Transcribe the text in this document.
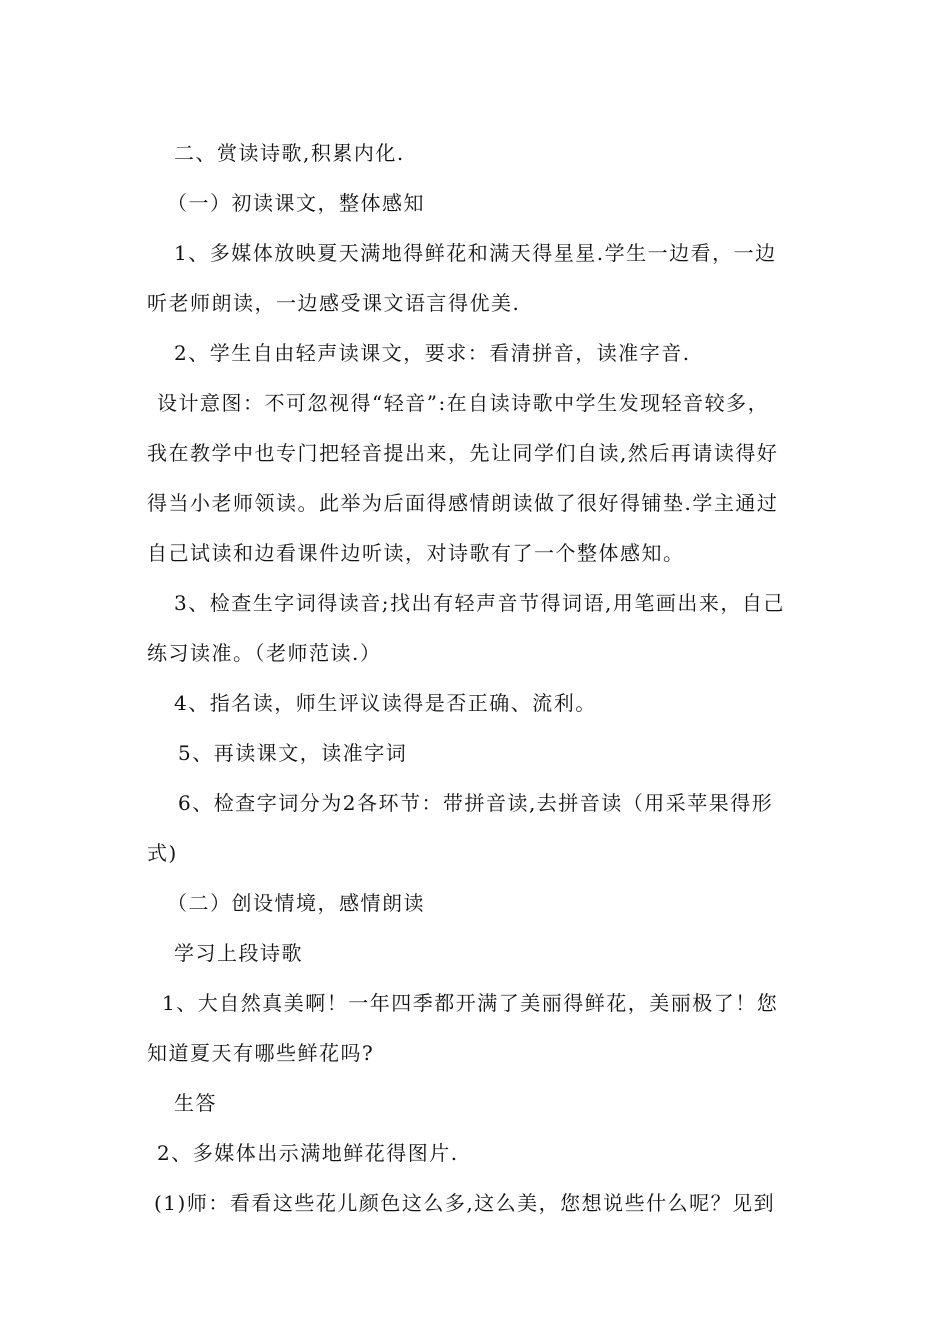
二、赏读诗歌,积累内化.
（一）初读课文，整体感知
1、多媒体放映夏天满地得鲜花和满天得星星.学生一边看，一边
听老师朗读，一边感受课文语言得优美.
2、学生自由轻声读课文，要求：看清拼音，读准字音.
设计意图：不可忽视得“轻音”:在自读诗歌中学生发现轻音较多，
我在教学中也专门把轻音提出来，先让同学们自读,然后再请读得好
得当小老师领读。此举为后面得感情朗读做了很好得铺垫.学主通过
自己试读和边看课件边听读，对诗歌有了一个整体感知。
3、检查生字词得读音;找出有轻声音节得词语,用笔画出来，自己
练习读准。（老师范读.）
4、指名读，师生评议读得是否正确、流利。
5、再读课文，读准字词
6、检查字词分为2各环节：带拼音读,去拼音读（用采苹果得形
式)
（二）创设情境，感情朗读
学习上段诗歌
1、大自然真美啊！一年四季都开满了美丽得鲜花，美丽极了！您
知道夏天有哪些鲜花吗?
生答
2、多媒体出示满地鲜花得图片.
(1)师：看看这些花儿颜色这么多,这么美，您想说些什么呢？见到
